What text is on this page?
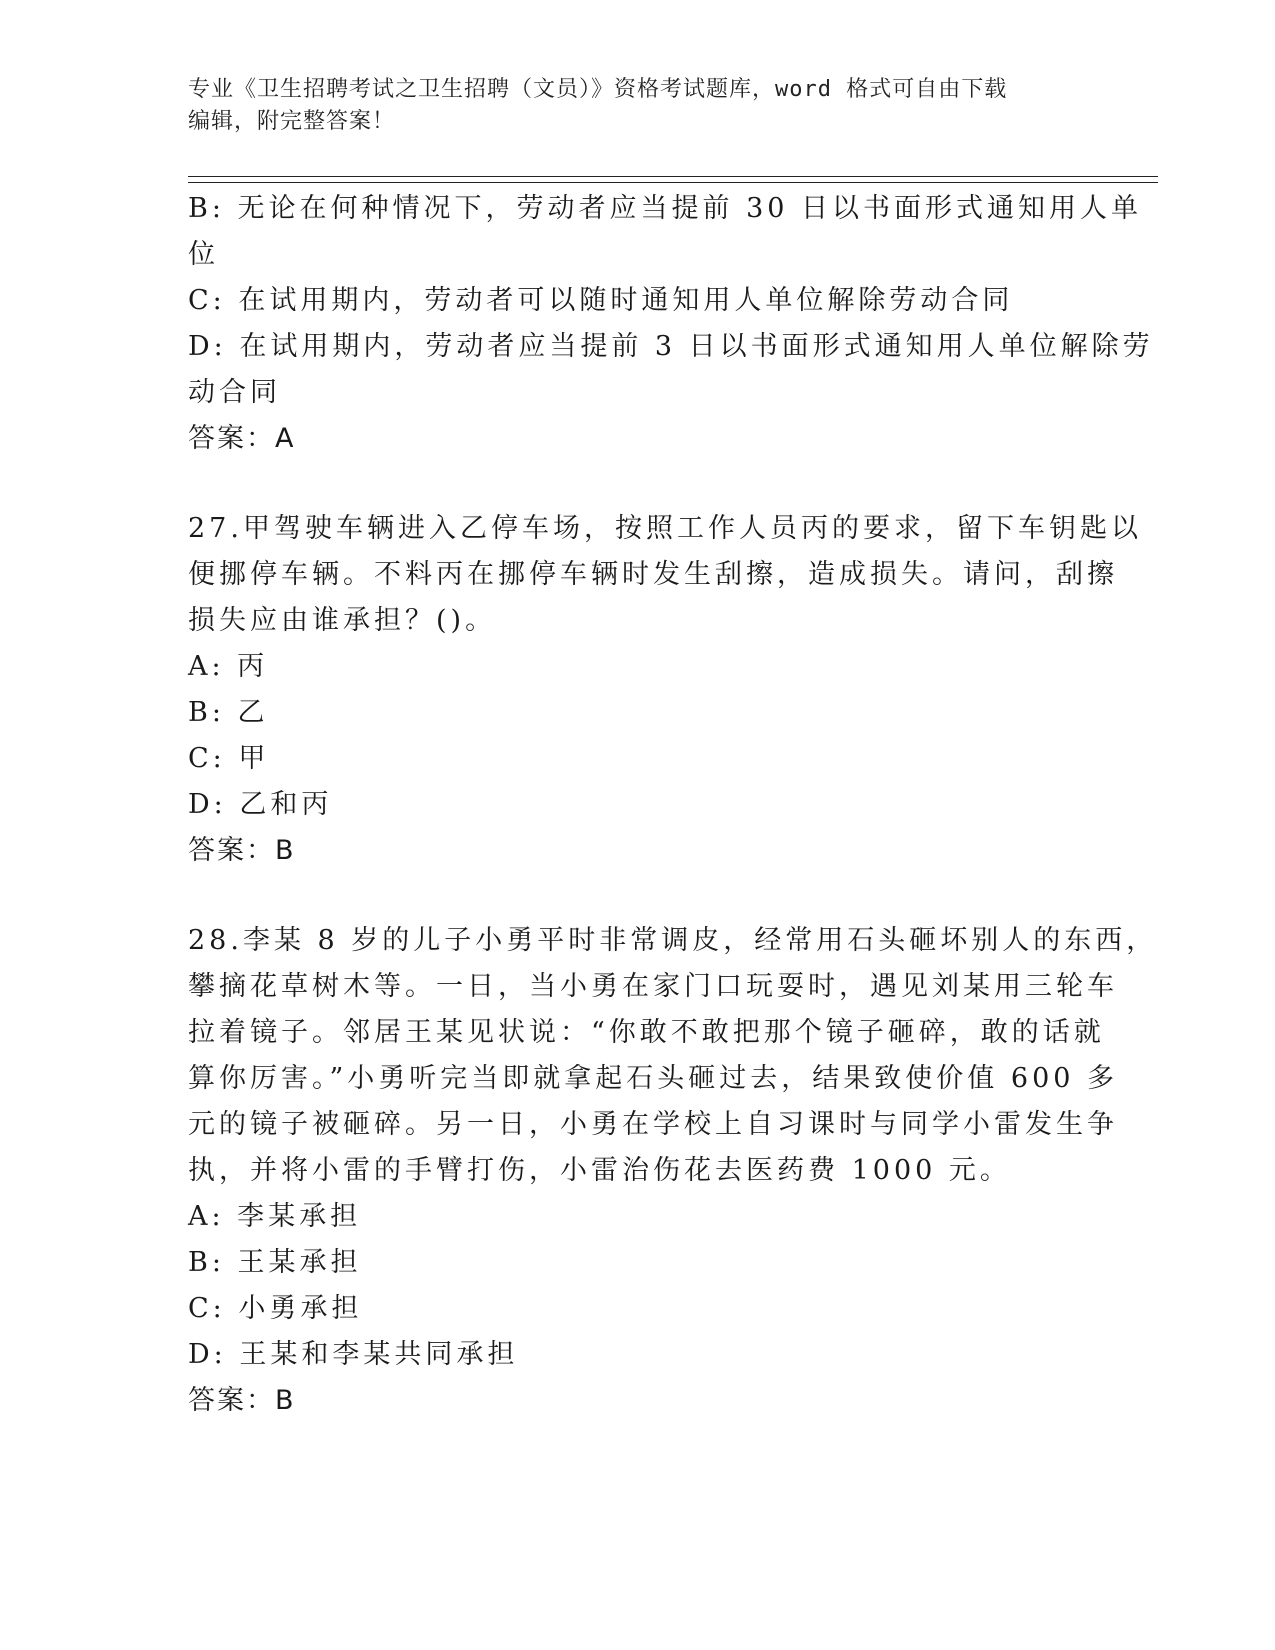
专业《卫生招聘考试之卫生招聘（文员）》资格考试题库，word 格式可自由下载
编辑，附完整答案！
B: 无论在何种情况下，劳动者应当提前 30 日以书面形式通知用人单
位
C: 在试用期内，劳动者可以随时通知用人单位解除劳动合同
D: 在试用期内，劳动者应当提前 3 日以书面形式通知用人单位解除劳
动合同
答案：A
27.甲驾驶车辆进入乙停车场，按照工作人员丙的要求，留下车钥匙以
便挪停车辆。不料丙在挪停车辆时发生刮擦，造成损失。请问，刮擦
损失应由谁承担？()。
A: 丙
B: 乙
C: 甲
D: 乙和丙
答案：B
28.李某 8 岁的儿子小勇平时非常调皮，经常用石头砸坏别人的东西，
攀摘花草树木等。一日，当小勇在家门口玩耍时，遇见刘某用三轮车
拉着镜子。邻居王某见状说：“你敢不敢把那个镜子砸碎，敢的话就
算你厉害。”小勇听完当即就拿起石头砸过去，结果致使价值 600 多
元的镜子被砸碎。另一日，小勇在学校上自习课时与同学小雷发生争
执，并将小雷的手臂打伤，小雷治伤花去医药费 1000 元。
A: 李某承担
B: 王某承担
C: 小勇承担
D: 王某和李某共同承担
答案：B
